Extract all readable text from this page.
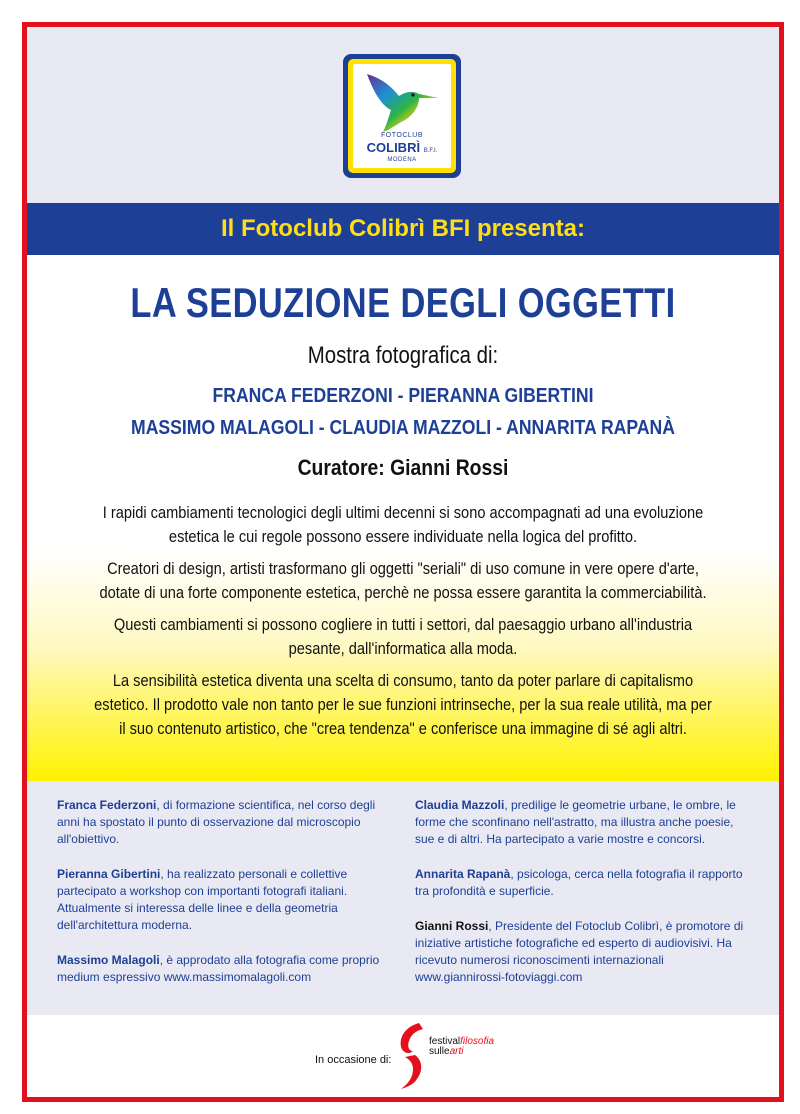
FOTOCLUB
COLIBRÌ B.F.I.
MODENA
Il Fotoclub Colibrì BFI presenta:
LA SEDUZIONE DEGLI OGGETTI
Mostra fotografica di:
FRANCA FEDERZONI - PIERANNA GIBERTINI
MASSIMO MALAGOLI - CLAUDIA MAZZOLI - ANNARITA RAPANÀ
Curatore: Gianni Rossi

I rapidi cambiamenti tecnologici degli ultimi decenni si sono accompagnati ad una evoluzione estetica le cui regole possono essere individuate nella logica del profitto.

Creatori di design, artisti trasformano gli oggetti "seriali" di uso comune in vere opere d'arte, dotate di una forte componente estetica, perchè ne possa essere garantita la commerciabilità.

Questi cambiamenti si possono cogliere in tutti i settori, dal paesaggio urbano all'industria pesante, dall'informatica alla moda.

La sensibilità estetica diventa una scelta di consumo, tanto da poter parlare di capitalismo estetico. Il prodotto vale non tanto per le sue funzioni intrinseche, per la sua reale utilità, ma per il suo contenuto artistico, che "crea tendenza" e conferisce una immagine di sé agli altri.

Franca Federzoni, di formazione scientifica, nel corso degli anni ha spostato il punto di osservazione dal microscopio all'obiettivo.
Pieranna Gibertini, ha realizzato personali e collettive partecipato a workshop con importanti fotografi italiani. Attualmente si interessa delle linee e della geometria dell'architettura moderna.
Massimo Malagoli, è approdato alla fotografia come proprio medium espressivo www.massimomalagoli.com
Claudia Mazzoli, predilige le geometrie urbane, le ombre, le forme che sconfinano nell'astratto, ma illustra anche poesie, sue e di altri. Ha partecipato a varie mostre e concorsi.
Annarita Rapanà, psicologa, cerca nella fotografia il rapporto tra profondità e superficie.
Gianni Rossi, Presidente del Fotoclub Colibrì, è promotore di iniziative artistiche fotografiche ed esperto di audiovisivi. Ha ricevuto numerosi riconoscimenti internazionali www.giannirossi-fotoviaggi.com
In occasione di:
festivalfilosofia
sullearti
